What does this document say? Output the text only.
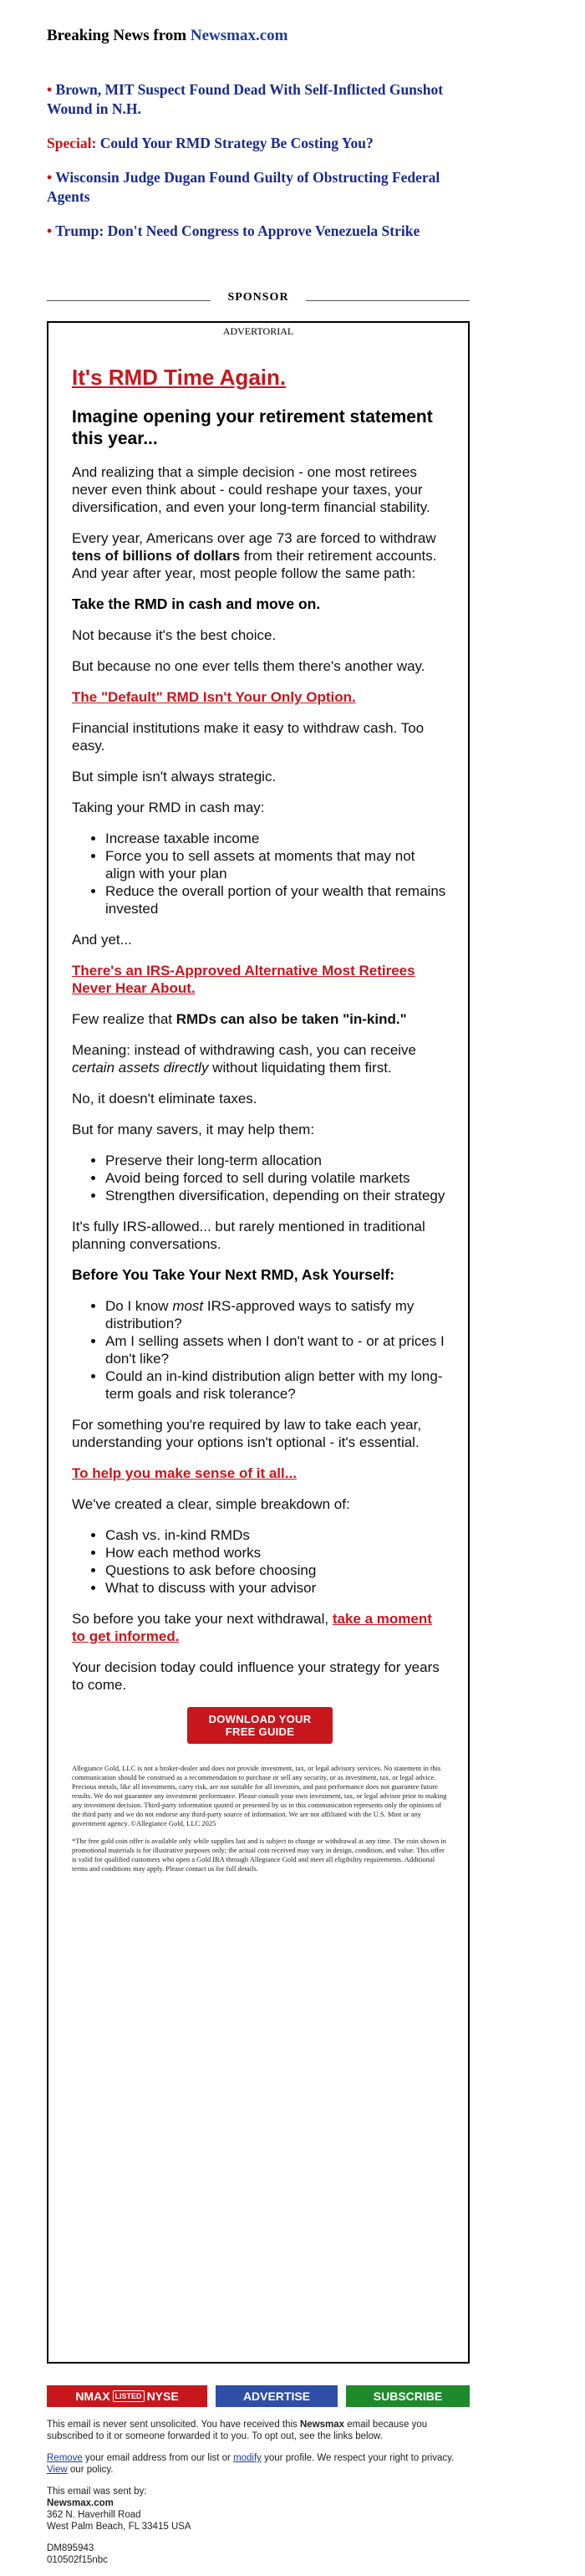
Breaking News from Newsmax.com
• Brown, MIT Suspect Found Dead With Self-Inflicted Gunshot Wound in N.H.
Special: Could Your RMD Strategy Be Costing You?
• Wisconsin Judge Dugan Found Guilty of Obstructing Federal Agents
• Trump: Don't Need Congress to Approve Venezuela Strike
SPONSOR
ADVERTORIAL

It's RMD Time Again.

Imagine opening your retirement statement this year...

And realizing that a simple decision - one most retirees never even think about - could reshape your taxes, your diversification, and even your long-term financial stability.

Every year, Americans over age 73 are forced to withdraw tens of billions of dollars from their retirement accounts. And year after year, most people follow the same path:

Take the RMD in cash and move on.

Not because it's the best choice.

But because no one ever tells them there's another way.

The "Default" RMD Isn't Your Only Option.

Financial institutions make it easy to withdraw cash. Too easy.

But simple isn't always strategic.

Taking your RMD in cash may:

• Increase taxable income
• Force you to sell assets at moments that may not
align with your plan
• Reduce the overall portion of your wealth that remains invested

And yet...

There's an IRS-Approved Alternative Most Retirees Never Hear About.

Few realize that RMDs can also be taken "in-kind."

Meaning: instead of withdrawing cash, you can receive certain assets directly without liquidating them first.

No, it doesn't eliminate taxes.

But for many savers, it may help them:

• Preserve their long-term allocation
• Avoid being forced to sell during volatile markets
• Strengthen diversification, depending on their strategy

It's fully IRS-allowed... but rarely mentioned in traditional planning conversations.

Before You Take Your Next RMD, Ask Yourself:

• Do I know most IRS-approved ways to satisfy my distribution?
• Am I selling assets when I don't want to - or at prices I don't like?
• Could an in-kind distribution align better with my long-term goals and risk tolerance?

For something you're required by law to take each year, understanding your options isn't optional - it's essential.

To help you make sense of it all...

We've created a clear, simple breakdown of:

• Cash vs. in-kind RMDs
• How each method works
• Questions to ask before choosing
• What to discuss with your advisor

So before you take your next withdrawal, take a moment to get informed.

Your decision today could influence your strategy for years to come.

DOWNLOAD YOUR
FREE GUIDE

Allegiance Gold, LLC is not a broker-dealer and does not provide investment, tax, or legal advisory services. No statement in this communication should be construed as a recommendation to purchase or sell any security, or as investment, tax, or legal advice. Precious metals, like all investments, carry risk, are not suitable for all investors, and past performance does not guarantee future results. We do not guarantee any investment performance. Please consult your own investment, tax, or legal advisor prior to making any investment decision. Third-party information quoted or presented by us in this communication represents only the opinions of the third party and we do not endorse any third-party source of information. We are not affiliated with the U.S. Mint or any government agency. ©Allegiance Gold, LLC 2025

*The free gold coin offer is available only while supplies last and is subject to change or withdrawal at any time. The coin shown in promotional materials is for illustrative purposes only; the actual coin received may vary in design, condition, and value. This offer is valid for qualified customers who open a Gold IRA through Allegiance Gold and meet all eligibility requirements. Additional terms and conditions may apply. Please contact us for full details.

NMAX LISTED NYSE	ADVERTISE	SUBSCRIBE

This email is never sent unsolicited. You have received this Newsmax email because you subscribed to it or someone forwarded it to you. To opt out, see the links below.

Remove your email address from our list or modify your profile. We respect your right to privacy. View our policy.

This email was sent by:
Newsmax.com
362 N. Haverhill Road
West Palm Beach, FL 33415 USA

DM895943
010502f15nbc
